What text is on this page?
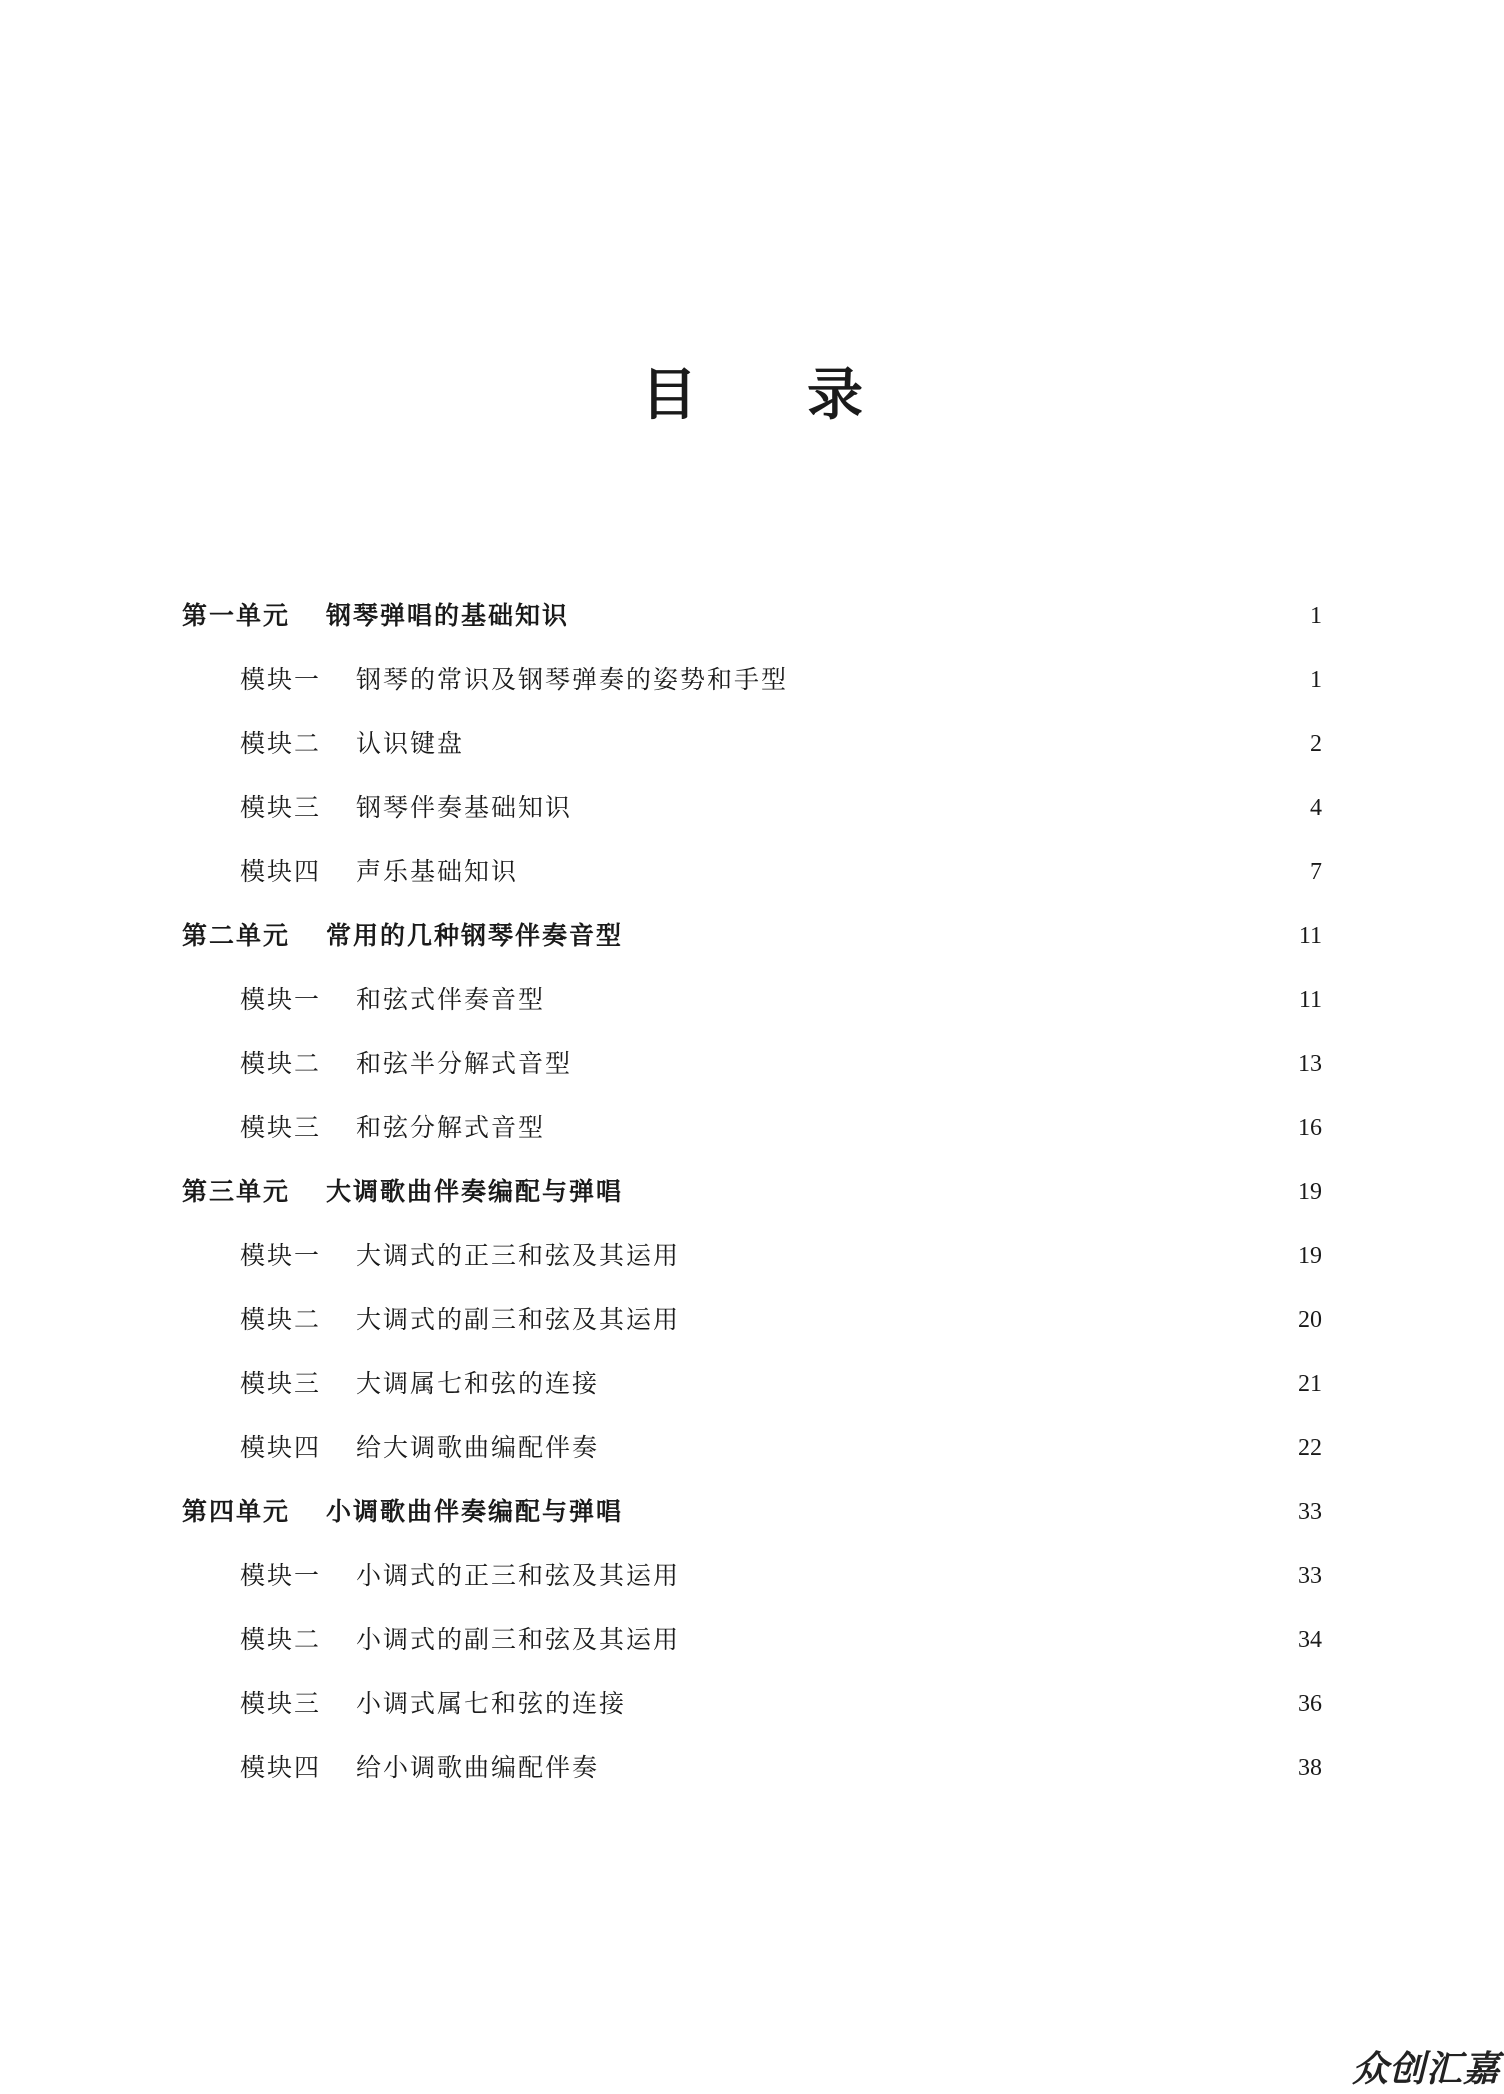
目 录
第一单元	钢琴弹唱的基础知识	1
模块一	钢琴的常识及钢琴弹奏的姿势和手型	1
模块二	认识键盘	2
模块三	钢琴伴奏基础知识	4
模块四	声乐基础知识	7
第二单元	常用的几种钢琴伴奏音型	11
模块一	和弦式伴奏音型	11
模块二	和弦半分解式音型	13
模块三	和弦分解式音型	16
第三单元	大调歌曲伴奏编配与弹唱	19
模块一	大调式的正三和弦及其运用	19
模块二	大调式的副三和弦及其运用	20
模块三	大调属七和弦的连接	21
模块四	给大调歌曲编配伴奏	22
第四单元	小调歌曲伴奏编配与弹唱	33
模块一	小调式的正三和弦及其运用	33
模块二	小调式的副三和弦及其运用	34
模块三	小调式属七和弦的连接	36
模块四	给小调歌曲编配伴奏	38
众创汇嘉
